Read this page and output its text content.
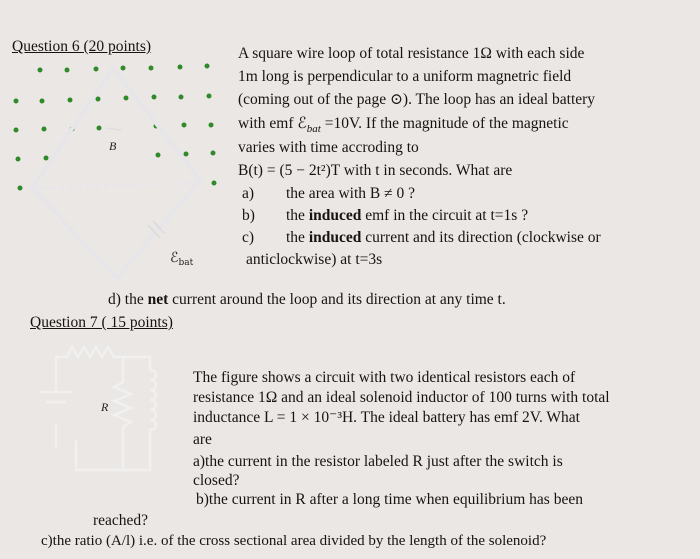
Question 6 (20 points)
B
ℰ$_{bat}$
A square wire loop of total resistance 1Ω with each side
1m long is perpendicular to a uniform magnetric field
(coming out of the page ⊙). The loop has an ideal battery
with emf ℰ$_{bat}$ =10V. If the magnitude of the magnetic
varies with time accroding to
B(t) = (5 − 2t²)T with t in seconds. What are
a) the area with B ≠ 0 ?
b) the induced emf in the circuit at t=1s ?
c) the induced current and its direction (clockwise or
anticlockwise) at t=3s
d) the net current around the loop and its direction at any time t.
Question 7 ( 15 points)
R
The figure shows a circuit with two identical resistors each of
resistance 1Ω and an ideal solenoid inductor of 100 turns with total
inductance L = 1 × 10⁻³H. The ideal battery has emf 2V. What
are
a)the current in the resistor labeled R just after the switch is
closed?
b)the current in R after a long time when equilibrium has been
reached?
c)the ratio (A/l) i.e. of the cross sectional area divided by the length of the solenoid?
